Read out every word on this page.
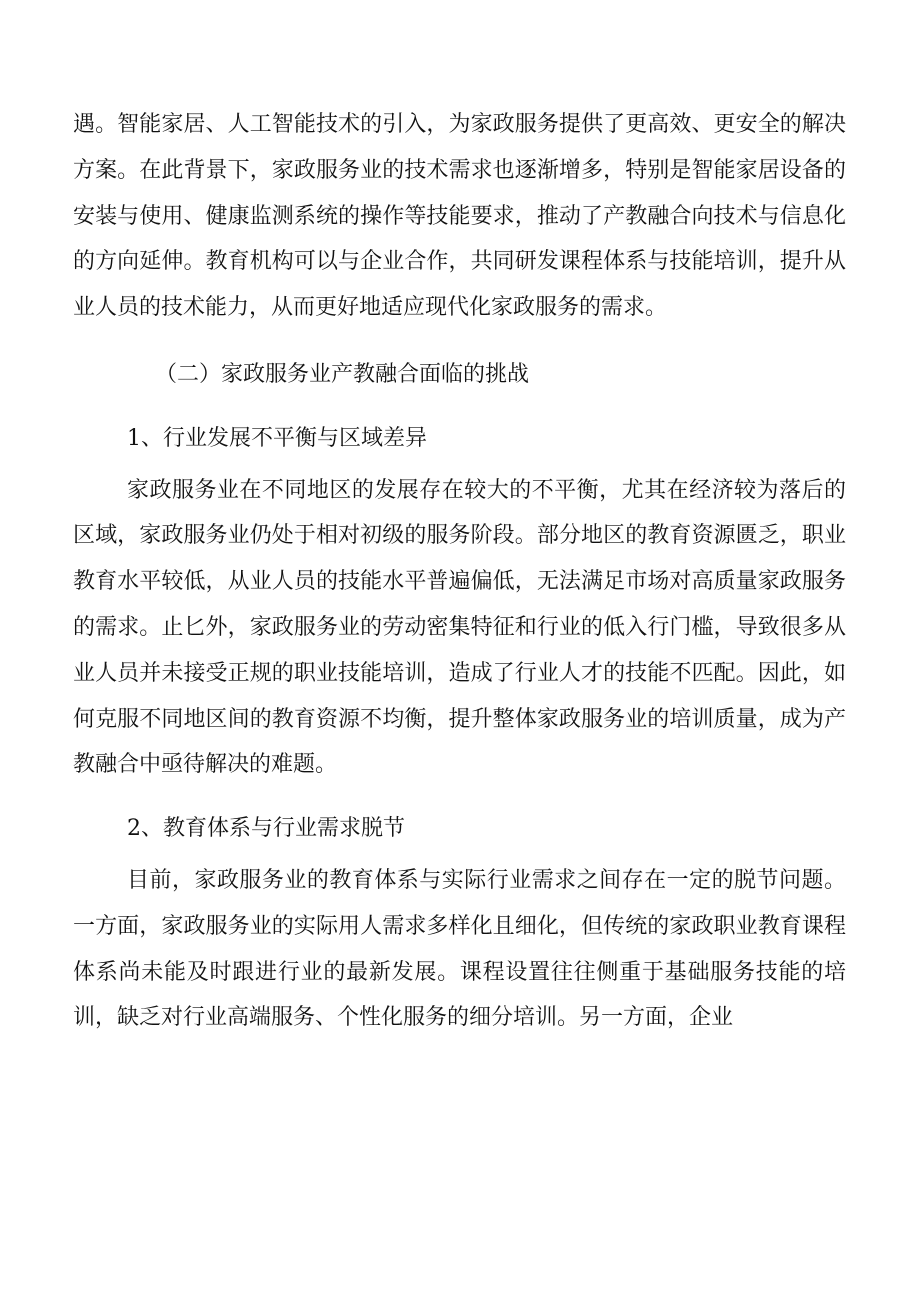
遇。智能家居、人工智能技术的引入，为家政服务提供了更高效、更安全的解决方案。在此背景下，家政服务业的技术需求也逐渐增多，特别是智能家居设备的安装与使用、健康监测系统的操作等技能要求，推动了产教融合向技术与信息化的方向延伸。教育机构可以与企业合作，共同研发课程体系与技能培训，提升从业人员的技术能力，从而更好地适应现代化家政服务的需求。

（二）家政服务业产教融合面临的挑战

1、行业发展不平衡与区域差异

家政服务业在不同地区的发展存在较大的不平衡，尤其在经济较为落后的区域，家政服务业仍处于相对初级的服务阶段。部分地区的教育资源匮乏，职业教育水平较低，从业人员的技能水平普遍偏低，无法满足市场对高质量家政服务的需求。止匕外，家政服务业的劳动密集特征和行业的低入行门槛，导致很多从业人员并未接受正规的职业技能培训，造成了行业人才的技能不匹配。因此，如何克服不同地区间的教育资源不均衡，提升整体家政服务业的培训质量，成为产教融合中亟待解决的难题。

2、教育体系与行业需求脱节

目前，家政服务业的教育体系与实际行业需求之间存在一定的脱节问题。一方面，家政服务业的实际用人需求多样化且细化，但传统的家政职业教育课程体系尚未能及时跟进行业的最新发展。课程设置往往侧重于基础服务技能的培训，缺乏对行业高端服务、个性化服务的细分培训。另一方面，企业
